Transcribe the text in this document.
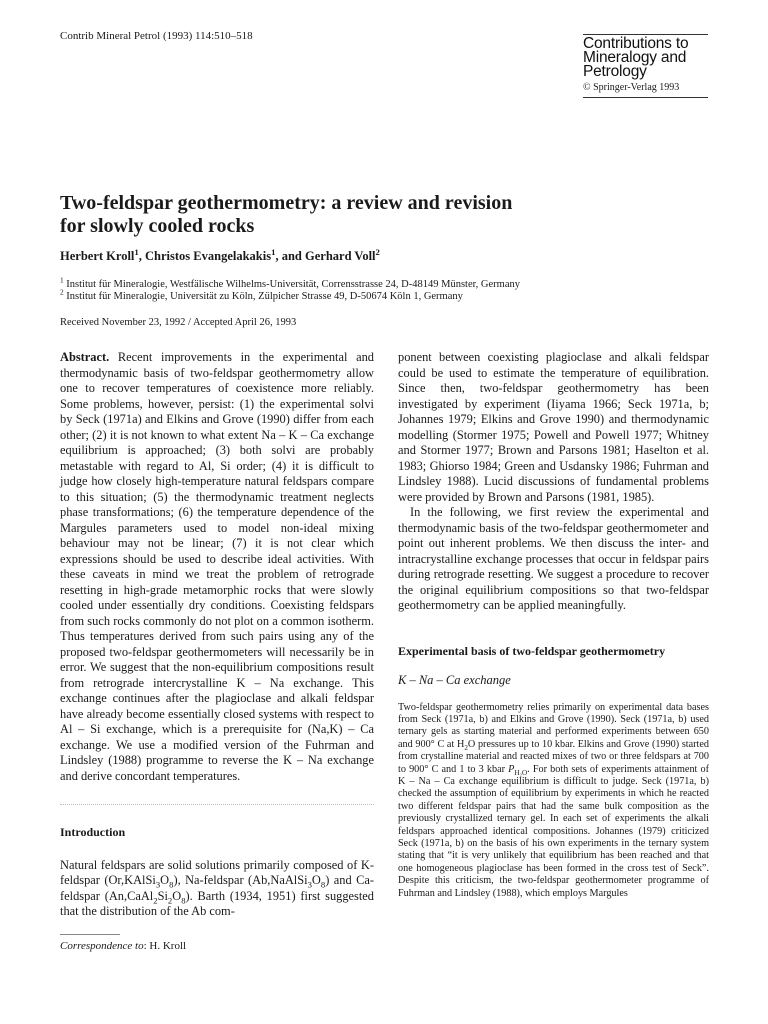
Contrib Mineral Petrol (1993) 114:510–518	Contributions to
Mineralogy and
Petrology
© Springer-Verlag 1993
Two-feldspar geothermometry: a review and revision
for slowly cooled rocks
Herbert Kroll$^1$, Christos Evangelakakis$^1$, and Gerhard Voll$^2$
$^1$ Institut für Mineralogie, Westfälische Wilhelms-Universität, Corrensstrasse 24, D-48149 Münster, Germany
$^2$ Institut für Mineralogie, Universität zu Köln, Zülpicher Strasse 49, D-50674 Köln 1, Germany
Received November 23, 1992 / Accepted April 26, 1993

Abstract. Recent improvements in the experimental and thermodynamic basis of two-feldspar geothermometry allow one to recover temperatures of coexistence more reliably. Some problems, however, persist: (1) the experimental solvi by Seck (1971a) and Elkins and Grove (1990) differ from each other; (2) it is not known to what extent Na – K – Ca exchange equilibrium is approached; (3) both solvi are probably metastable with regard to Al, Si order; (4) it is difficult to judge how closely high-temperature natural feldspars compare to this situation; (5) the thermodynamic treatment neglects phase transformations; (6) the temperature dependence of the Margules parameters used to model non-ideal mixing behaviour may not be linear; (7) it is not clear which expressions should be used to describe ideal activities. With these caveats in mind we treat the problem of retrograde resetting in high-grade metamorphic rocks that were slowly cooled under essentially dry conditions. Coexisting feldspars from such rocks commonly do not plot on a common isotherm. Thus temperatures derived from such pairs using any of the proposed two-feldspar geothermometers will necessarily be in error. We suggest that the non-equilibrium compositions result from retrograde intercrystalline K – Na exchange. This exchange continues after the plagioclase and alkali feldspar have already become essentially closed systems with respect to Al – Si exchange, which is a prerequisite for (Na,K) – Ca exchange. We use a modified version of the Fuhrman and Lindsley (1988) programme to reverse the K – Na exchange and derive concordant temperatures.

Introduction

Natural feldspars are solid solutions primarily composed of K-feldspar $(Or,KAlSi_3O_8)$, Na-feldspar $(Ab,NaAlSi_3O_8)$ and Ca-feldspar $(An,CaAl_2Si_2O_8)$. Barth (1934, 1951) first suggested that the distribution of the Ab com-

Correspondence to: H. Kroll

ponent between coexisting plagioclase and alkali feldspar could be used to estimate the temperature of equilibration. Since then, two-feldspar geothermometry has been investigated by experiment (Iiyama 1966; Seck 1971a, b; Johannes 1979; Elkins and Grove 1990) and thermodynamic modelling (Stormer 1975; Powell and Powell 1977; Whitney and Stormer 1977; Brown and Parsons 1981; Haselton et al. 1983; Ghiorso 1984; Green and Usdansky 1986; Fuhrman and Lindsley 1988). Lucid discussions of fundamental problems were provided by Brown and Parsons (1981, 1985).

In the following, we first review the experimental and thermodynamic basis of the two-feldspar geothermometer and point out inherent problems. We then discuss the inter- and intracrystalline exchange processes that occur in feldspar pairs during retrograde resetting. We suggest a procedure to recover the original equilibrium compositions so that two-feldspar geothermometry can be applied meaningfully.

Experimental basis of two-feldspar geothermometry

K – Na – Ca exchange

Two-feldspar geothermometry relies primarily on experimental data bases from Seck (1971a, b) and Elkins and Grove (1990). Seck (1971a, b) used ternary gels as starting material and performed experiments between 650 and 900° C at $H_2O$ pressures up to 10 kbar. Elkins and Grove (1990) started from crystalline material and reacted mixes of two or three feldspars at 700 to 900° C and 1 to 3 kbar $P_{H_2O}$. For both sets of experiments attainment of K – Na – Ca exchange equilibrium is difficult to judge. Seck (1971a, b) checked the assumption of equilibrium by experiments in which he reacted two different feldspar pairs that had the same bulk composition as the previously crystallized ternary gel. In each set of experiments the alkali feldspars approached identical compositions. Johannes (1979) criticized Seck (1971a, b) on the basis of his own experiments in the ternary system stating that “it is very unlikely that equilibrium has been reached and that one homogeneous plagioclase has been formed in the cross test of Seck”. Despite this criticism, the two-feldspar geothermometer programme of Fuhrman and Lindsley (1988), which employs Margules
